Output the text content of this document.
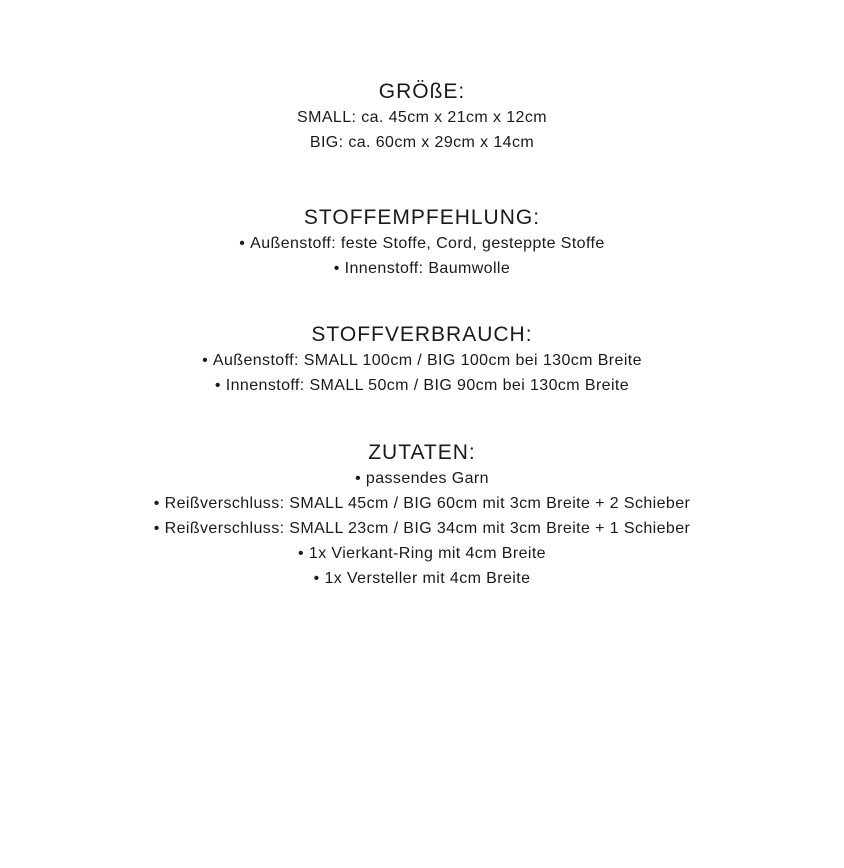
GRÖßE:

SMALL: ca. 45cm x 21cm x 12cm

BIG: ca. 60cm x 29cm x 14cm

STOFFEMPFEHLUNG:

• Außenstoff: feste Stoffe, Cord, gesteppte Stoffe

• Innenstoff: Baumwolle

STOFFVERBRAUCH:

• Außenstoff: SMALL 100cm / BIG 100cm bei 130cm Breite

• Innenstoff: SMALL 50cm / BIG 90cm bei 130cm Breite

ZUTATEN:

• passendes Garn

• Reißverschluss: SMALL 45cm / BIG 60cm mit 3cm Breite + 2 Schieber

• Reißverschluss: SMALL 23cm / BIG 34cm mit 3cm Breite + 1 Schieber

• 1x Vierkant-Ring mit 4cm Breite

• 1x Versteller mit 4cm Breite
